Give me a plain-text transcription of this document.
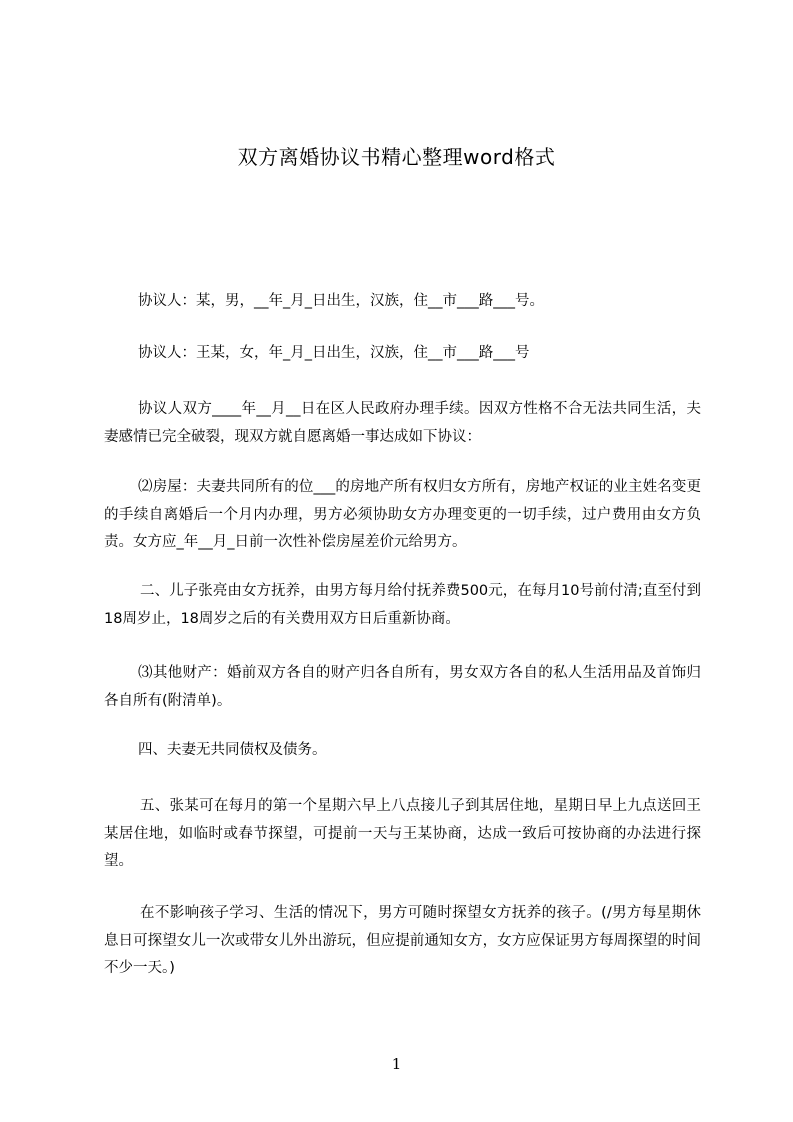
双方离婚协议书精心整理word格式

协议人：某，男，__年_月_日出生，汉族，住__市___路___号。

协议人：王某，女，年_月_日出生，汉族，住__市___路___号

协议人双方____年__月__日在区人民政府办理手续。因双方性格不合无法共同生活，夫妻感情已完全破裂，现双方就自愿离婚一事达成如下协议：

⑵房屋：夫妻共同所有的位___的房地产所有权归女方所有，房地产权证的业主姓名变更的手续自离婚后一个月内办理，男方必须协助女方办理变更的一切手续，过户费用由女方负责。女方应_年__月_日前一次性补偿房屋差价元给男方。

二、儿子张亮由女方抚养，由男方每月给付抚养费500元，在每月10号前付清;直至付到18周岁止，18周岁之后的有关费用双方日后重新协商。

⑶其他财产：婚前双方各自的财产归各自所有，男女双方各自的私人生活用品及首饰归各自所有(附清单)。

四、夫妻无共同债权及债务。

五、张某可在每月的第一个星期六早上八点接儿子到其居住地，星期日早上九点送回王某居住地，如临时或春节探望，可提前一天与王某协商，达成一致后可按协商的办法进行探望。

在不影响孩子学习、生活的情况下，男方可随时探望女方抚养的孩子。(/男方每星期休息日可探望女儿一次或带女儿外出游玩，但应提前通知女方，女方应保证男方每周探望的时间不少一天。)

1
